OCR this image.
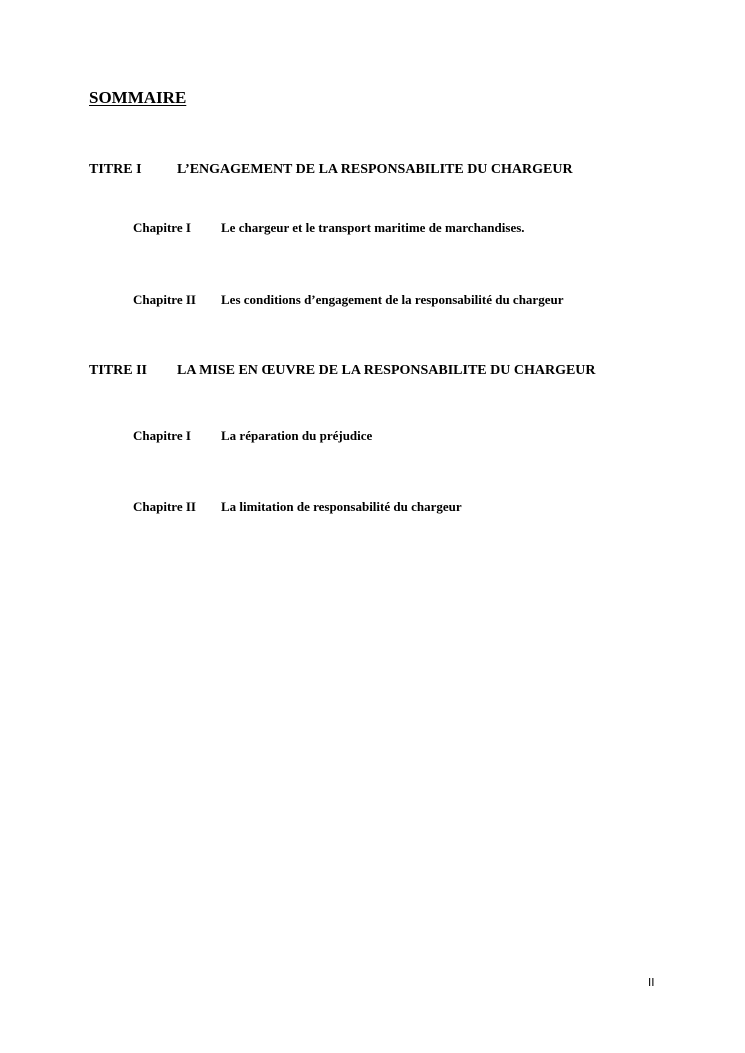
SOMMAIRE
TITRE I	L’ENGAGEMENT DE LA RESPONSABILITE DU CHARGEUR
Chapitre I Le chargeur et le transport maritime de marchandises.
Chapitre II Les conditions d’engagement de la responsabilité du chargeur
TITRE II LA MISE EN ŒUVRE DE LA RESPONSABILITE DU CHARGEUR
Chapitre I La réparation du préjudice
Chapitre II La limitation de responsabilité du chargeur
II
